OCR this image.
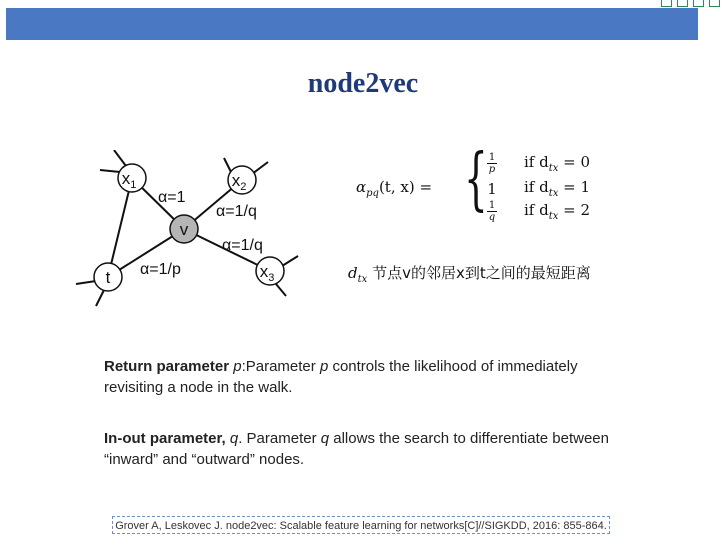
node2vec
$x_1$	$x_2$
$x_3$
v
t
α=1
α=1/q
α=1/q
α=1/p
$\alpha_{pq}(t$, x) = {
$\frac{1}{p}$ if $d_{tx} = 0$
1	if $d_{tx} = 1$
$\frac{1}{q}$ if $d_{tx} = 2$
$d_{tx}$ 节点v的邻居x到t之间的最短距离
Return parameter p:Parameter p controls the likelihood of immediately revisiting a node in the walk.
In-out parameter, q. Parameter q allows the search to differentiate between “inward” and “outward” nodes.
Grover A, Leskovec J. node2vec: Scalable feature learning for networks[C]//SIGKDD, 2016: 855-864.
